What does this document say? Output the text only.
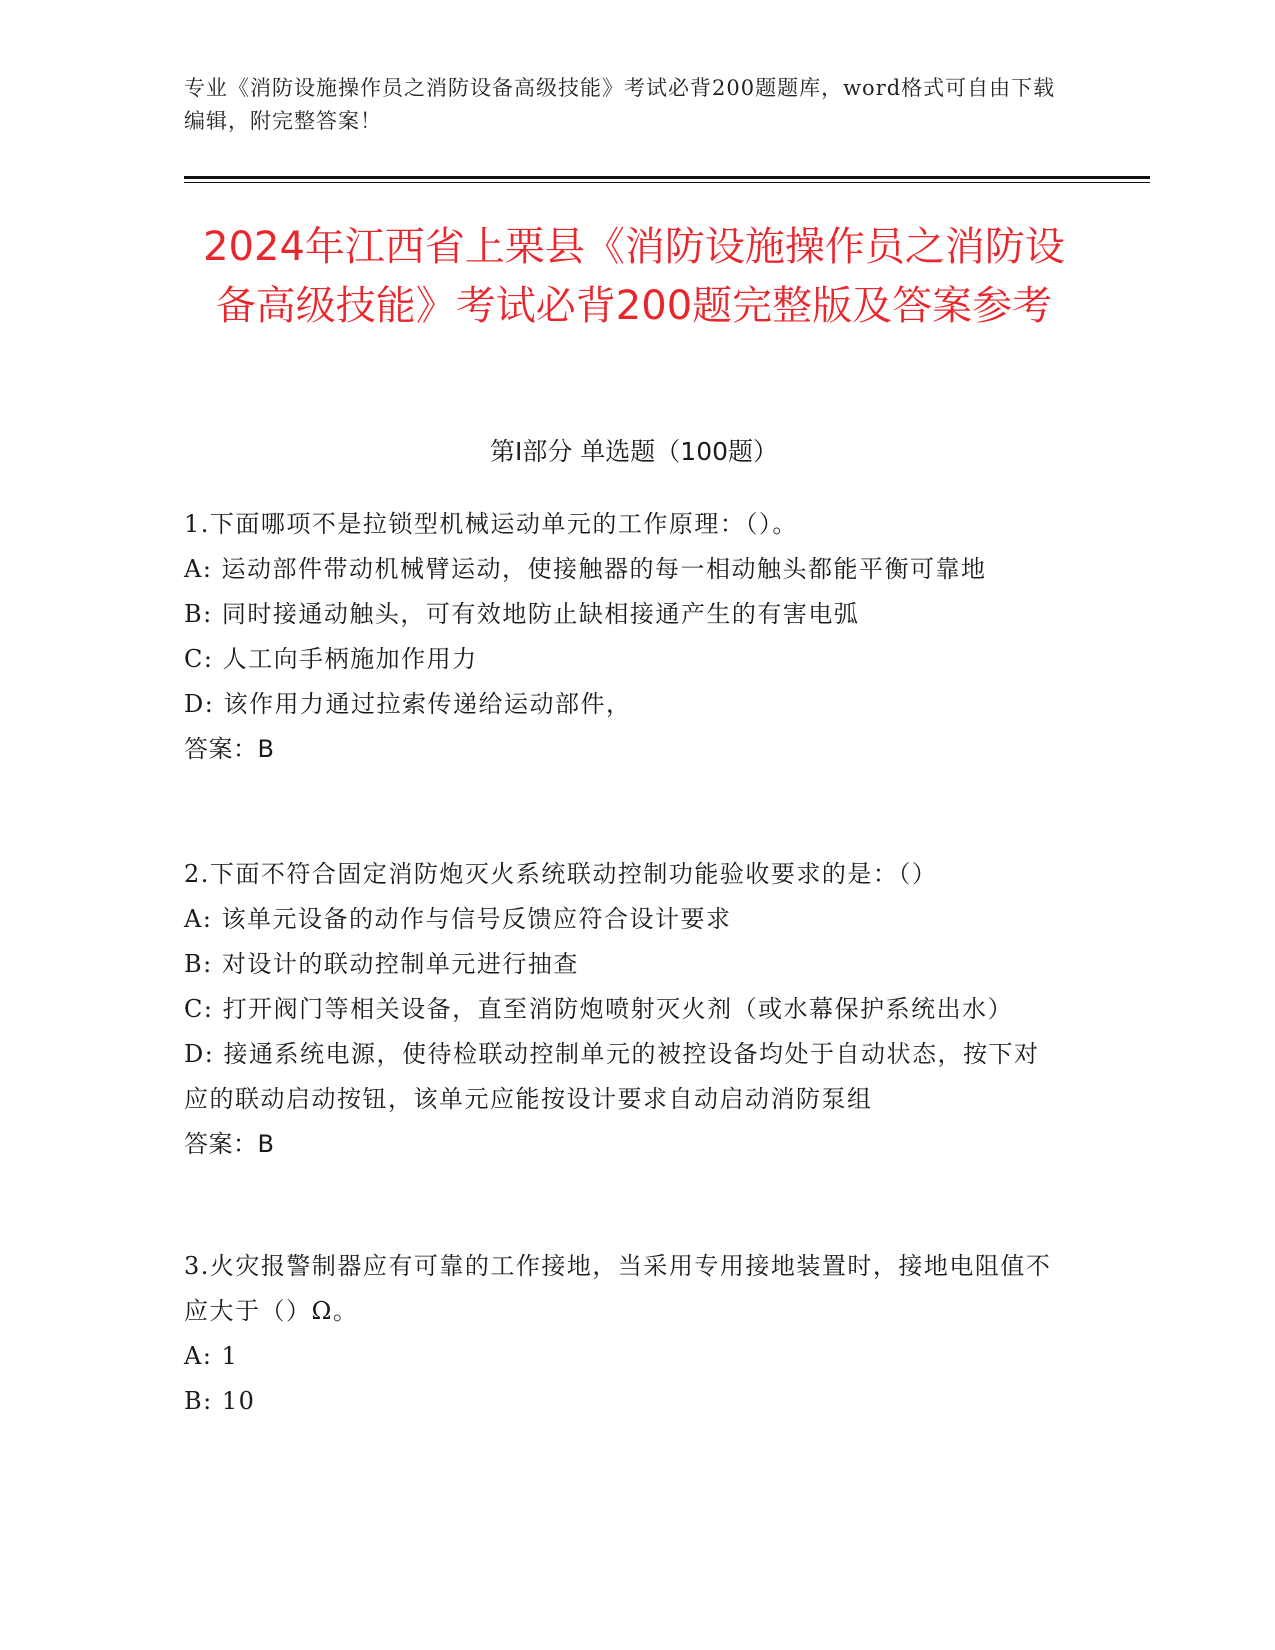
专业《消防设施操作员之消防设备高级技能》考试必背200题题库，word格式可自由下载编辑，附完整答案！
2024年江西省上栗县《消防设施操作员之消防设备高级技能》考试必背200题完整版及答案参考
第I部分 单选题（100题）
1.下面哪项不是拉锁型机械运动单元的工作原理：（）。
A: 运动部件带动机械臂运动，使接触器的每一相动触头都能平衡可靠地
B: 同时接通动触头，可有效地防止缺相接通产生的有害电弧
C: 人工向手柄施加作用力
D: 该作用力通过拉索传递给运动部件，
答案：B
2.下面不符合固定消防炮灭火系统联动控制功能验收要求的是：（）
A: 该单元设备的动作与信号反馈应符合设计要求
B: 对设计的联动控制单元进行抽查
C: 打开阀门等相关设备，直至消防炮喷射灭火剂（或水幕保护系统出水）
D: 接通系统电源，使待检联动控制单元的被控设备均处于自动状态，按下对应的联动启动按钮，该单元应能按设计要求自动启动消防泵组
答案：B
3.火灾报警制器应有可靠的工作接地，当采用专用接地装置时，接地电阻值不应大于（）Ω。
A: 1
B: 10
